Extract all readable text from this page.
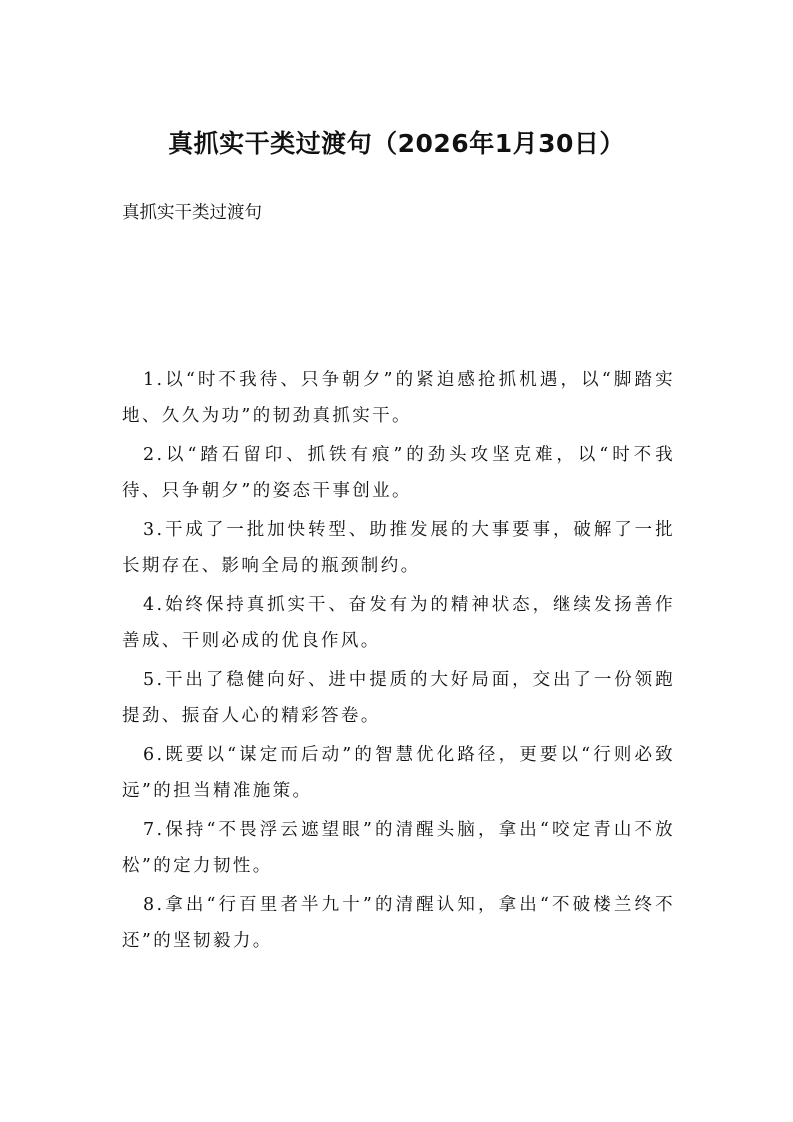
真抓实干类过渡句（2026年1月30日）

真抓实干类过渡句

1.以“时不我待、只争朝夕”的紧迫感抢抓机遇，以“脚踏实地、久久为功”的韧劲真抓实干。
2.以“踏石留印、抓铁有痕”的劲头攻坚克难，以“时不我待、只争朝夕”的姿态干事创业。
3.干成了一批加快转型、助推发展的大事要事，破解了一批长期存在、影响全局的瓶颈制约。
4.始终保持真抓实干、奋发有为的精神状态，继续发扬善作善成、干则必成的优良作风。
5.干出了稳健向好、进中提质的大好局面，交出了一份领跑提劲、振奋人心的精彩答卷。
6.既要以“谋定而后动”的智慧优化路径，更要以“行则必致远”的担当精准施策。
7.保持“不畏浮云遮望眼”的清醒头脑，拿出“咬定青山不放松”的定力韧性。
8.拿出“行百里者半九十”的清醒认知，拿出“不破楼兰终不还”的坚韧毅力。
